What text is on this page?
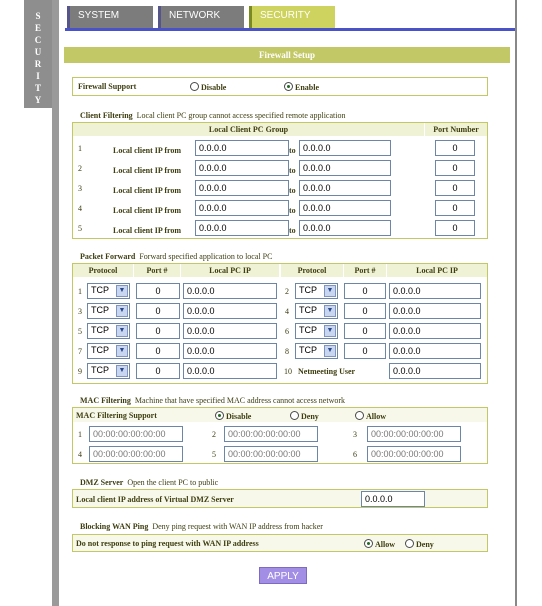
S
E
C
U
R
I
T
Y
SYSTEM	NETWORK	SECURITY
Firewall Setup
Firewall Support	Disable	Enable
Client Filtering Local client PC group cannot access specified remote application
Local Client PC Group	Port Number
1	Local client IP from	0.0.0.0	to 0.0.0.0	0
2	Local client IP from	0.0.0.0	to 0.0.0.0	0
3	Local client IP from	0.0.0.0	to 0.0.0.0	0
4	Local client IP from	0.0.0.0	to 0.0.0.0	0
5	Local client IP from	0.0.0.0	to 0.0.0.0	0
Packet Forward Forward specified application to local PC
Protocol	Port #	Local PC IP	Protocol	Port #	Local PC IP
1	TCP	▼	0	0.0.0.0	2	TCP	▼	0	0.0.0.0
3	TCP	▼	0	0.0.0.0	4	TCP	▼	0	0.0.0.0
5	TCP	▼	0	0.0.0.0	6	TCP	▼	0	0.0.0.0
7	TCP	▼	0	0.0.0.0	8	TCP	▼	0	0.0.0.0
9	TCP	▼	0	0.0.0.0	10 Netmeeting User	0.0.0.0
MAC Filtering Machine that have specified MAC address cannot access network
MAC Filtering Support	Disable	Deny	Allow
1	00:00:00:00:00:00	2	00:00:00:00:00:00	3	00:00:00:00:00:00
4	00:00:00:00:00:00	5	00:00:00:00:00:00	6	00:00:00:00:00:00
DMZ Server Open the client PC to public
Local client IP address of Virtual DMZ Server	0.0.0.0
Blocking WAN Ping Deny ping request with WAN IP address from hacker
Do not response to ping request with WAN IP address	Allow	Deny
APPLY
